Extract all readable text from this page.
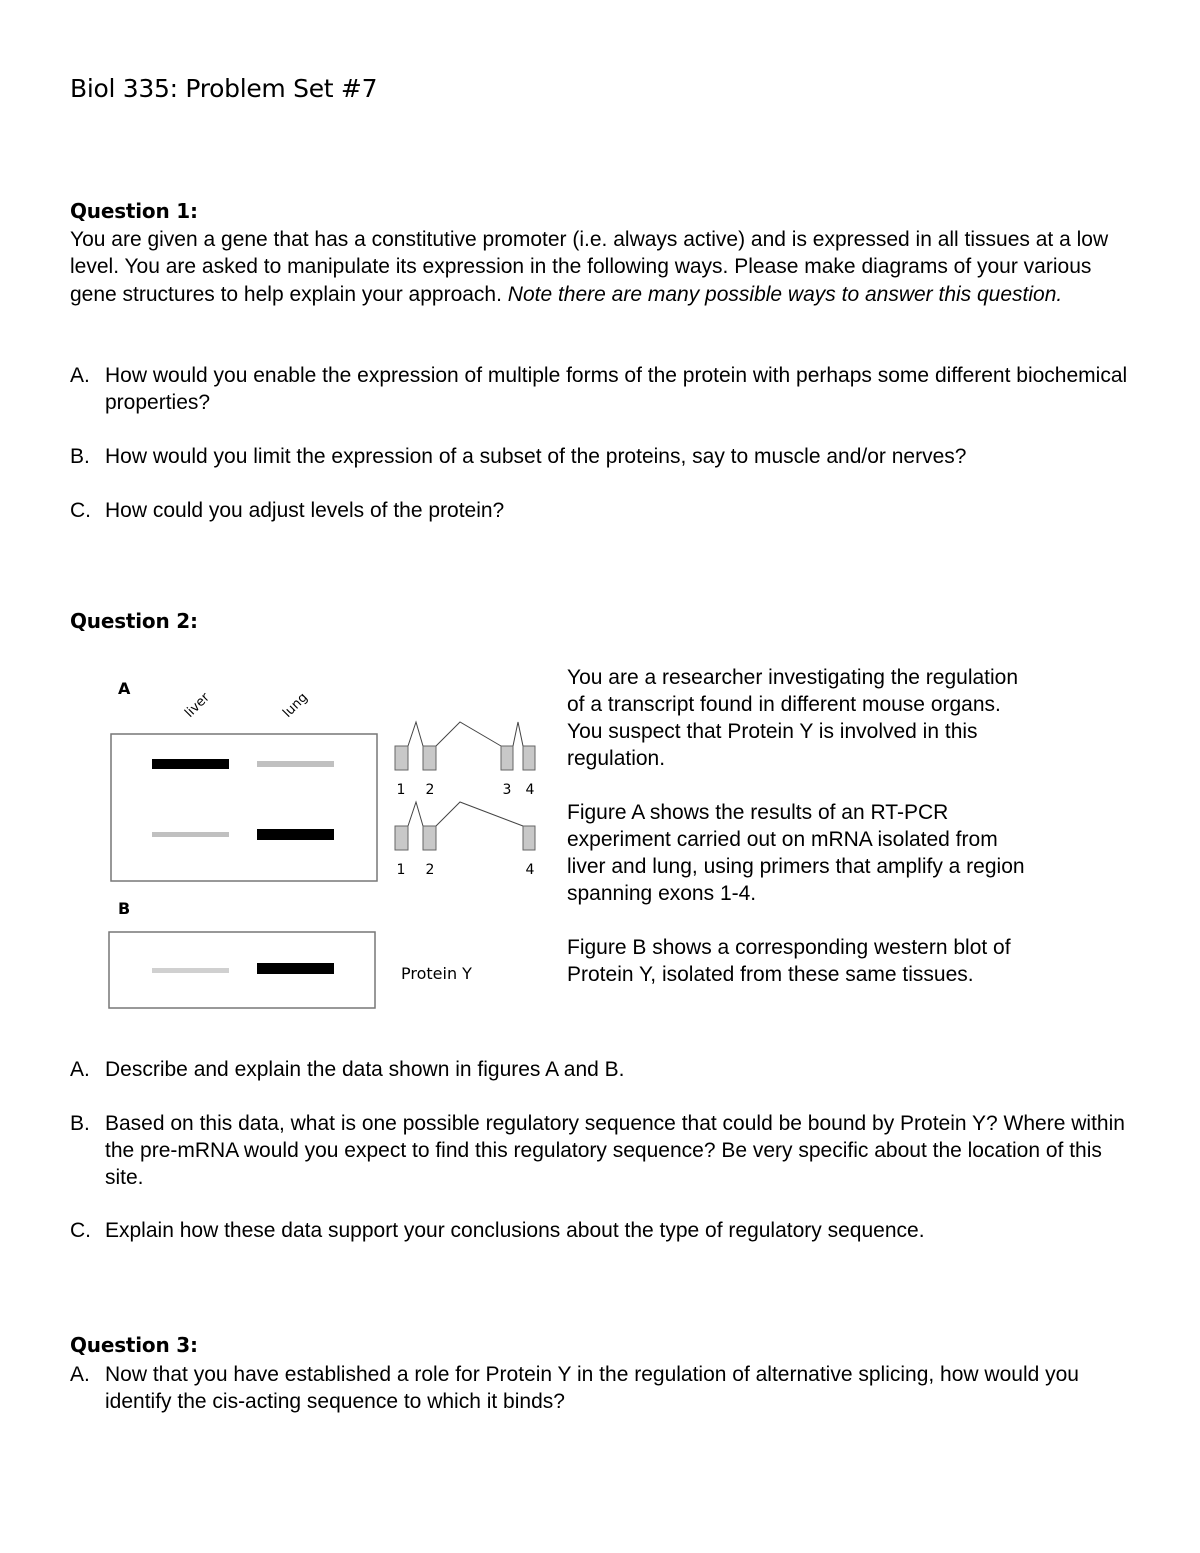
Biol 335: Problem Set #7
Question 1:

You are given a gene that has a constitutive promoter (i.e. always active) and is expressed in all tissues at a low level. You are asked to manipulate its expression in the following ways. Please make diagrams of your various gene structures to help explain your approach. Note there are many possible ways to answer this question.

A. How would you enable the expression of multiple forms of the protein with perhaps some different biochemical properties?
B. How would you limit the expression of a subset of the proteins, say to muscle and/or nerves?
C. How could you adjust levels of the protein?
Question 2:
A
liver	lung
1 2	3 4
1 2	4
B
Protein Y

You are a researcher investigating the regulation of a transcript found in different mouse organs. You suspect that Protein Y is involved in this regulation.

Figure A shows the results of an RT-PCR experiment carried out on mRNA isolated from liver and lung, using primers that amplify a region spanning exons 1-4.

Figure B shows a corresponding western blot of Protein Y, isolated from these same tissues.

A. Describe and explain the data shown in figures A and B.
B. Based on this data, what is one possible regulatory sequence that could be bound by Protein Y? Where within the pre-mRNA would you expect to find this regulatory sequence? Be very specific about the location of this site.
C. Explain how these data support your conclusions about the type of regulatory sequence.
Question 3:
A. Now that you have established a role for Protein Y in the regulation of alternative splicing, how would you identify the cis-acting sequence to which it binds?
